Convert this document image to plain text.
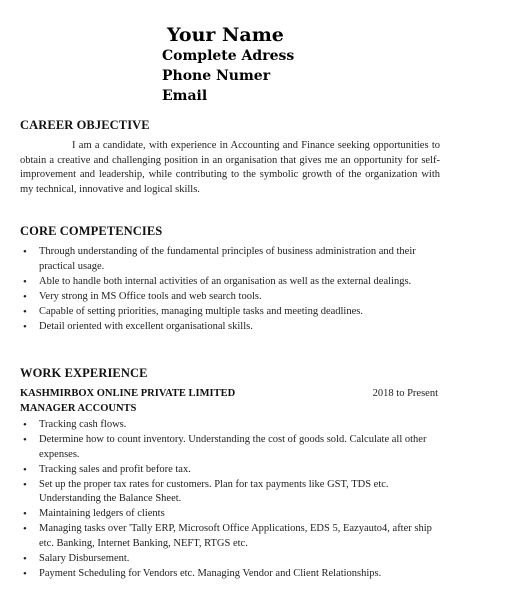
Your Name
Complete Adress
Phone Numer
Email
CAREER OBJECTIVE

I am a candidate, with experience in Accounting and Finance seeking opportunities to obtain a creative and challenging position in an organisation that gives me an opportunity for self-improvement and leadership, while contributing to the symbolic growth of the organization with my technical, innovative and logical skills.

CORE COMPETENCIES
• Through understanding of the fundamental principles of business administration and their practical usage.
• Able to handle both internal activities of an organisation as well as the external dealings.
• Very strong in MS Office tools and web search tools.
• Capable of setting priorities, managing multiple tasks and meeting deadlines.
• Detail oriented with excellent organisational skills.
WORK EXPERIENCE
KASHMIRBOX ONLINE PRIVATE LIMITED	2018 to Present
MANAGER ACCOUNTS
• Tracking cash flows.
• Determine how to count inventory. Understanding the cost of goods sold. Calculate all other expenses.
• Tracking sales and profit before tax.
• Set up the proper tax rates for customers. Plan for tax payments like GST, TDS etc. Understanding the Balance Sheet.
• Maintaining ledgers of clients
• Managing tasks over 'Tally ERP, Microsoft Office Applications, EDS 5, Eazyauto4, after ship etc. Banking, Internet Banking, NEFT, RTGS etc.
• Salary Disbursement.
• Payment Scheduling for Vendors etc. Managing Vendor and Client Relationships.
